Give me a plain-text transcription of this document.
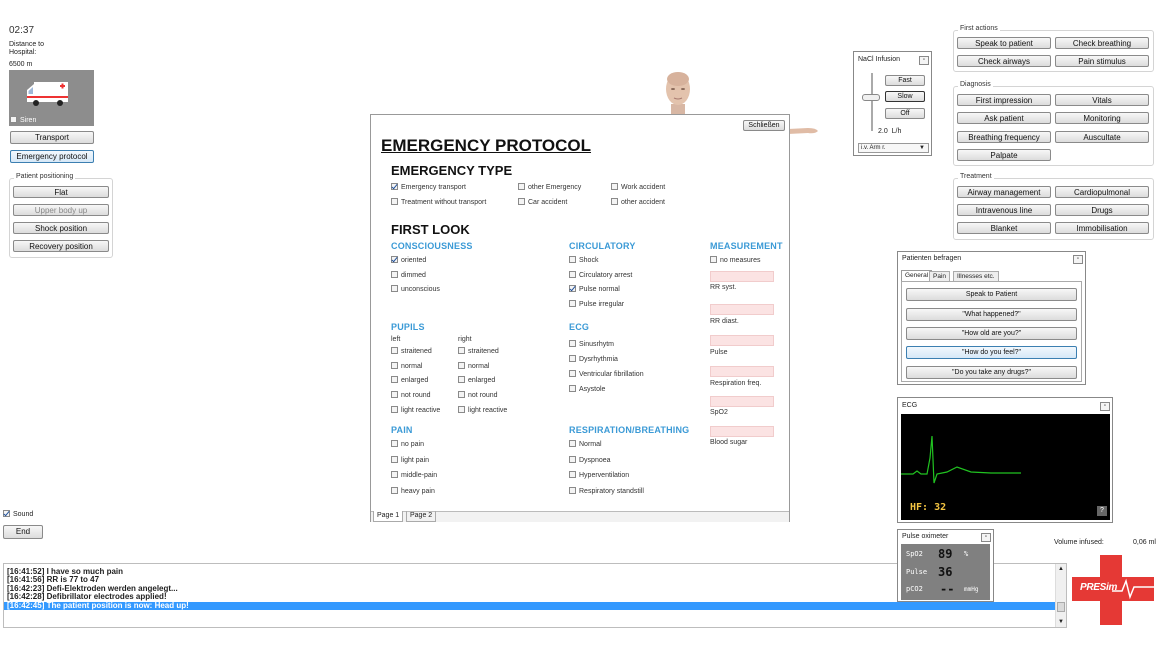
02:37
Distance to
Hospital:
6500 m
Siren
Transport
Emergency protocol
Patient positioning
Flat
Upper body up
Shock position
Recovery position
Sound
End
[16:41:52] I have so much pain
[16:41:56] RR is 77 to 47
[16:42:23] Defi-Elektroden werden angelegt...
[16:42:28] Defibrillator electrodes applied!
[16:42:45] The patient position is now: Head up!
▲
▼
Schließen
EMERGENCY PROTOCOL
EMERGENCY TYPE
Emergency transport	other Emergency	Work accident
Treatment without transport	Car accident	other accident
FIRST LOOK
CONSCIOUSNESS
oriented
dimmed
unconscious
PUPILS
left	right
straitened	straitened
normal	normal
enlarged	enlarged
not round	not round
light reactive	light reactive
PAIN
no pain
light pain
middle-pain
heavy pain
CIRCULATORY
Shock
Circulatory arrest
Pulse normal
Pulse irregular
ECG
Sinusrhytm
Dysrhythmia
Ventricular fibrillation
Asystole
RESPIRATION/BREATHING
Normal
Dyspnoea
Hyperventilation
Respiratory standstill
MEASUREMENT
no measures
RR syst.
RR diast.
Pulse
Respiration freq.
SpO2
Blood sugar
Page 1	Page 2
NaCl Infusion	▫
Fast
Slow
Off
2.0  L/h
i.v. Arm r.	▼
First actions
Speak to patient	Check breathing
Check airways	Pain stimulus
Diagnosis
First impression	Vitals
Ask patient	Monitoring
Breathing frequency	Auscultate
Palpate
Treatment
Airway management	Cardiopulmonal
Intravenous line	Drugs
Blanket	Immobilisation
Patienten befragen	▫
General Pain	Illnesses etc.
Speak to Patient
"What happened?"
"How old are you?"
"How do you feel?"
"Do you take any drugs?"
ECG	▫
HF: 32	?
Pulse oximeter	▫
SpO2 89 %
Pulse 36
pCO2 -- mmHg
Volume infused:	0,06 ml
PRESim
